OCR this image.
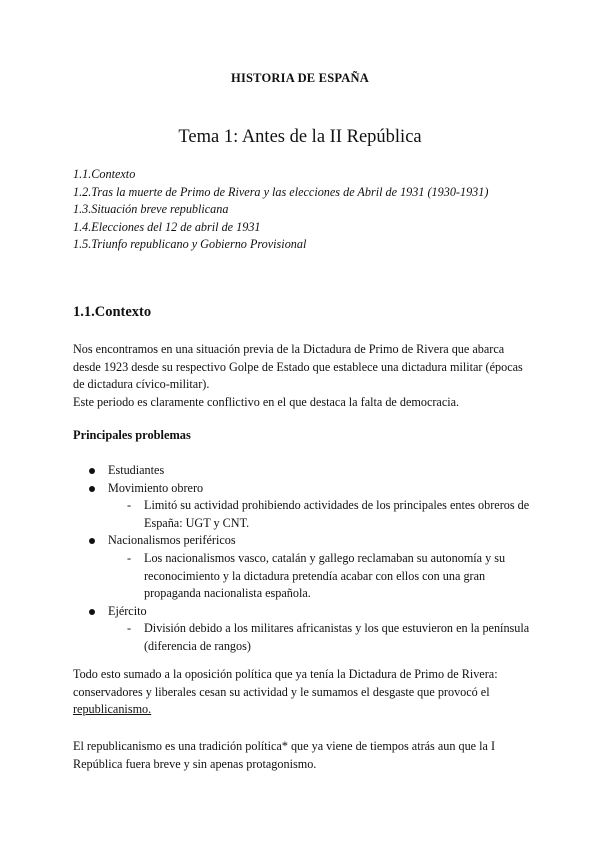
HISTORIA DE ESPAÑA
Tema 1: Antes de la II República
1.1.Contexto
1.2.Tras la muerte de Primo de Rivera y las elecciones de Abril de 1931 (1930-1931)
1.3.Situación breve republicana
1.4.Elecciones del 12 de abril de 1931
1.5.Triunfo republicano y Gobierno Provisional
1.1.Contexto

Nos encontramos en una situación previa de la Dictadura de Primo de Rivera que abarca desde 1923 desde su respectivo Golpe de Estado que establece una dictadura militar (épocas de dictadura cívico-militar).

Este periodo es claramente conflictivo en el que destaca la falta de democracia.

Principales problemas
Estudiantes
Movimiento obrero
- Limitó su actividad prohibiendo actividades de los principales entes obreros de España: UGT y CNT.
Nacionalismos periféricos
- Los nacionalismos vasco, catalán y gallego reclamaban su autonomía y su reconocimiento y la dictadura pretendía acabar con ellos con una gran propaganda nacionalista española.
Ejército
- División debido a los militares africanistas y los que estuvieron en la península (diferencia de rangos)

Todo esto sumado a la oposición política que ya tenía la Dictadura de Primo de Rivera: conservadores y liberales cesan su actividad y le sumamos el desgaste que provocó el republicanismo.

El republicanismo es una tradición política* que ya viene de tiempos atrás aun que la I República fuera breve y sin apenas protagonismo.
